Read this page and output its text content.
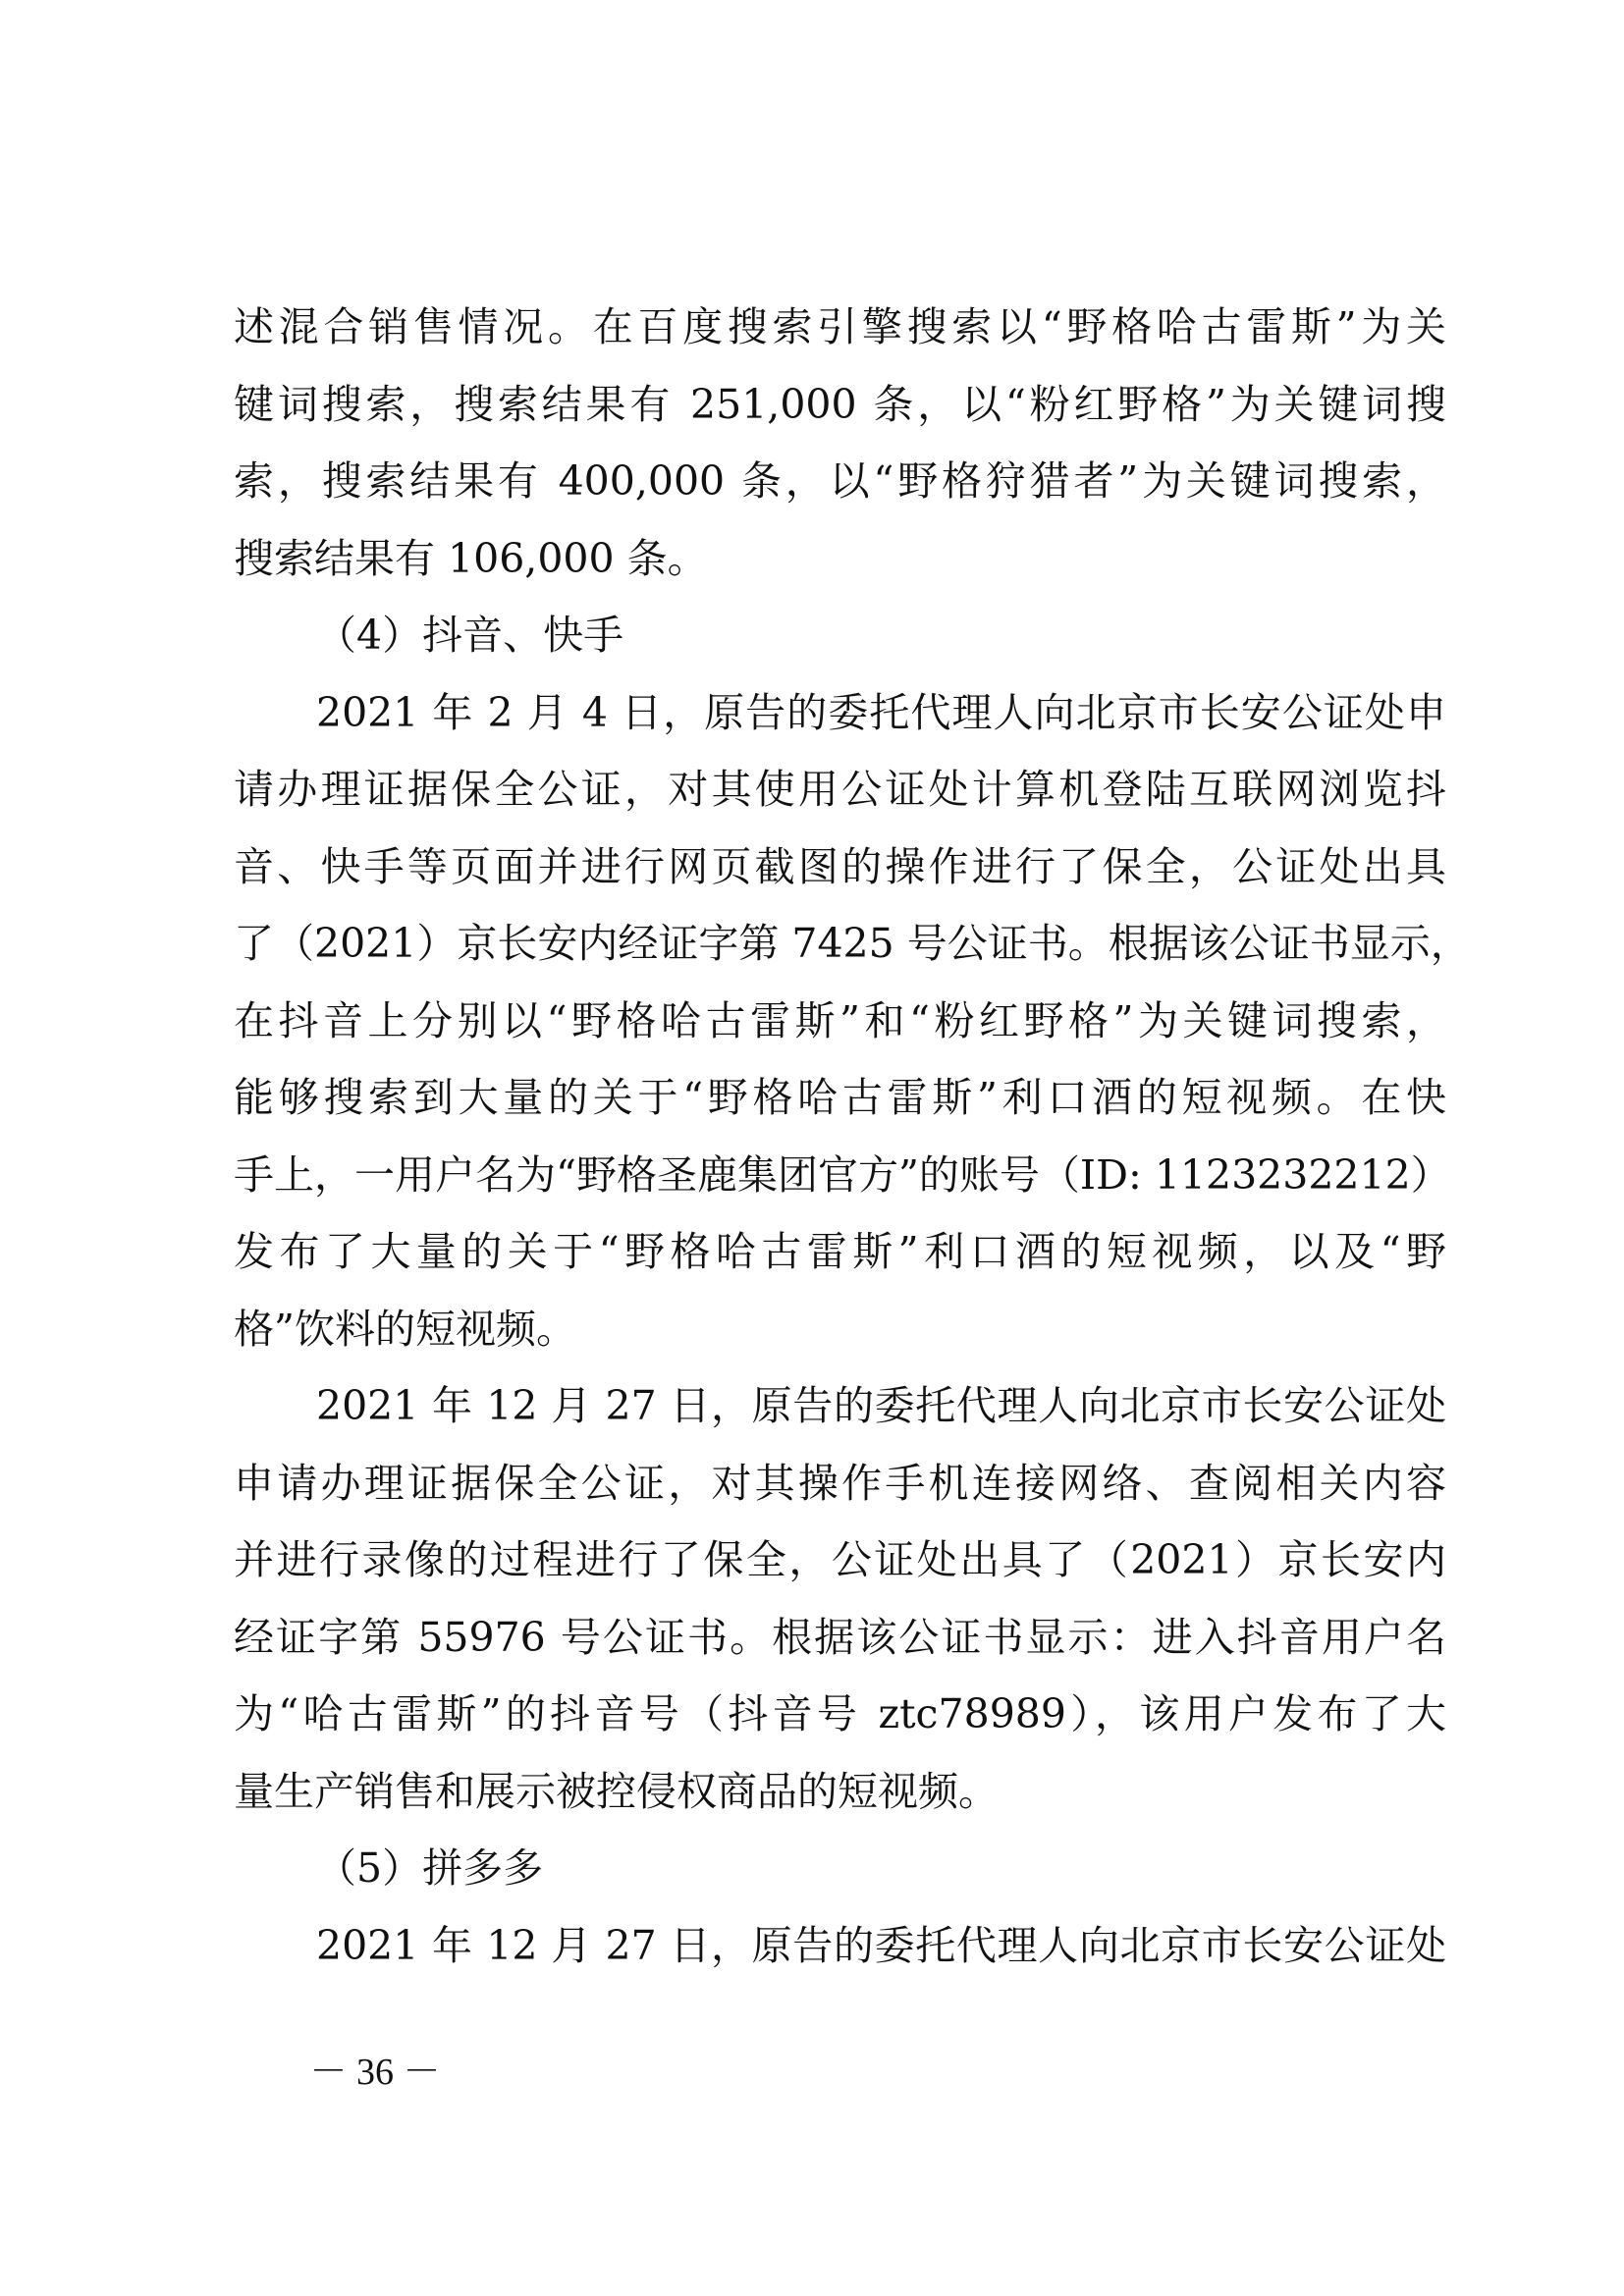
述混合销售情况。在百度搜索引擎搜索以“野格哈古雷斯”为关
键词搜索，搜索结果有 251,000 条，以“粉红野格”为关键词搜
索，搜索结果有 400,000 条，以“野格狩猎者”为关键词搜索，
搜索结果有 106,000 条。
（4）抖音、快手
2021 年 2 月 4 日，原告的委托代理人向北京市长安公证处申
请办理证据保全公证，对其使用公证处计算机登陆互联网浏览抖
音、快手等页面并进行网页截图的操作进行了保全，公证处出具
了（2021）京长安内经证字第 7425 号公证书。根据该公证书显示，
在抖音上分别以“野格哈古雷斯”和“粉红野格”为关键词搜索，
能够搜索到大量的关于“野格哈古雷斯”利口酒的短视频。在快
手上，一用户名为“野格圣鹿集团官方”的账号（ID: 1123232212）
发布了大量的关于“野格哈古雷斯”利口酒的短视频，以及“野
格”饮料的短视频。
2021 年 12 月 27 日，原告的委托代理人向北京市长安公证处
申请办理证据保全公证，对其操作手机连接网络、查阅相关内容
并进行录像的过程进行了保全，公证处出具了（2021）京长安内
经证字第 55976 号公证书。根据该公证书显示：进入抖音用户名
为“哈古雷斯”的抖音号（抖音号 ztc78989），该用户发布了大
量生产销售和展示被控侵权商品的短视频。
（5）拼多多
2021 年 12 月 27 日，原告的委托代理人向北京市长安公证处
－ 36 －
